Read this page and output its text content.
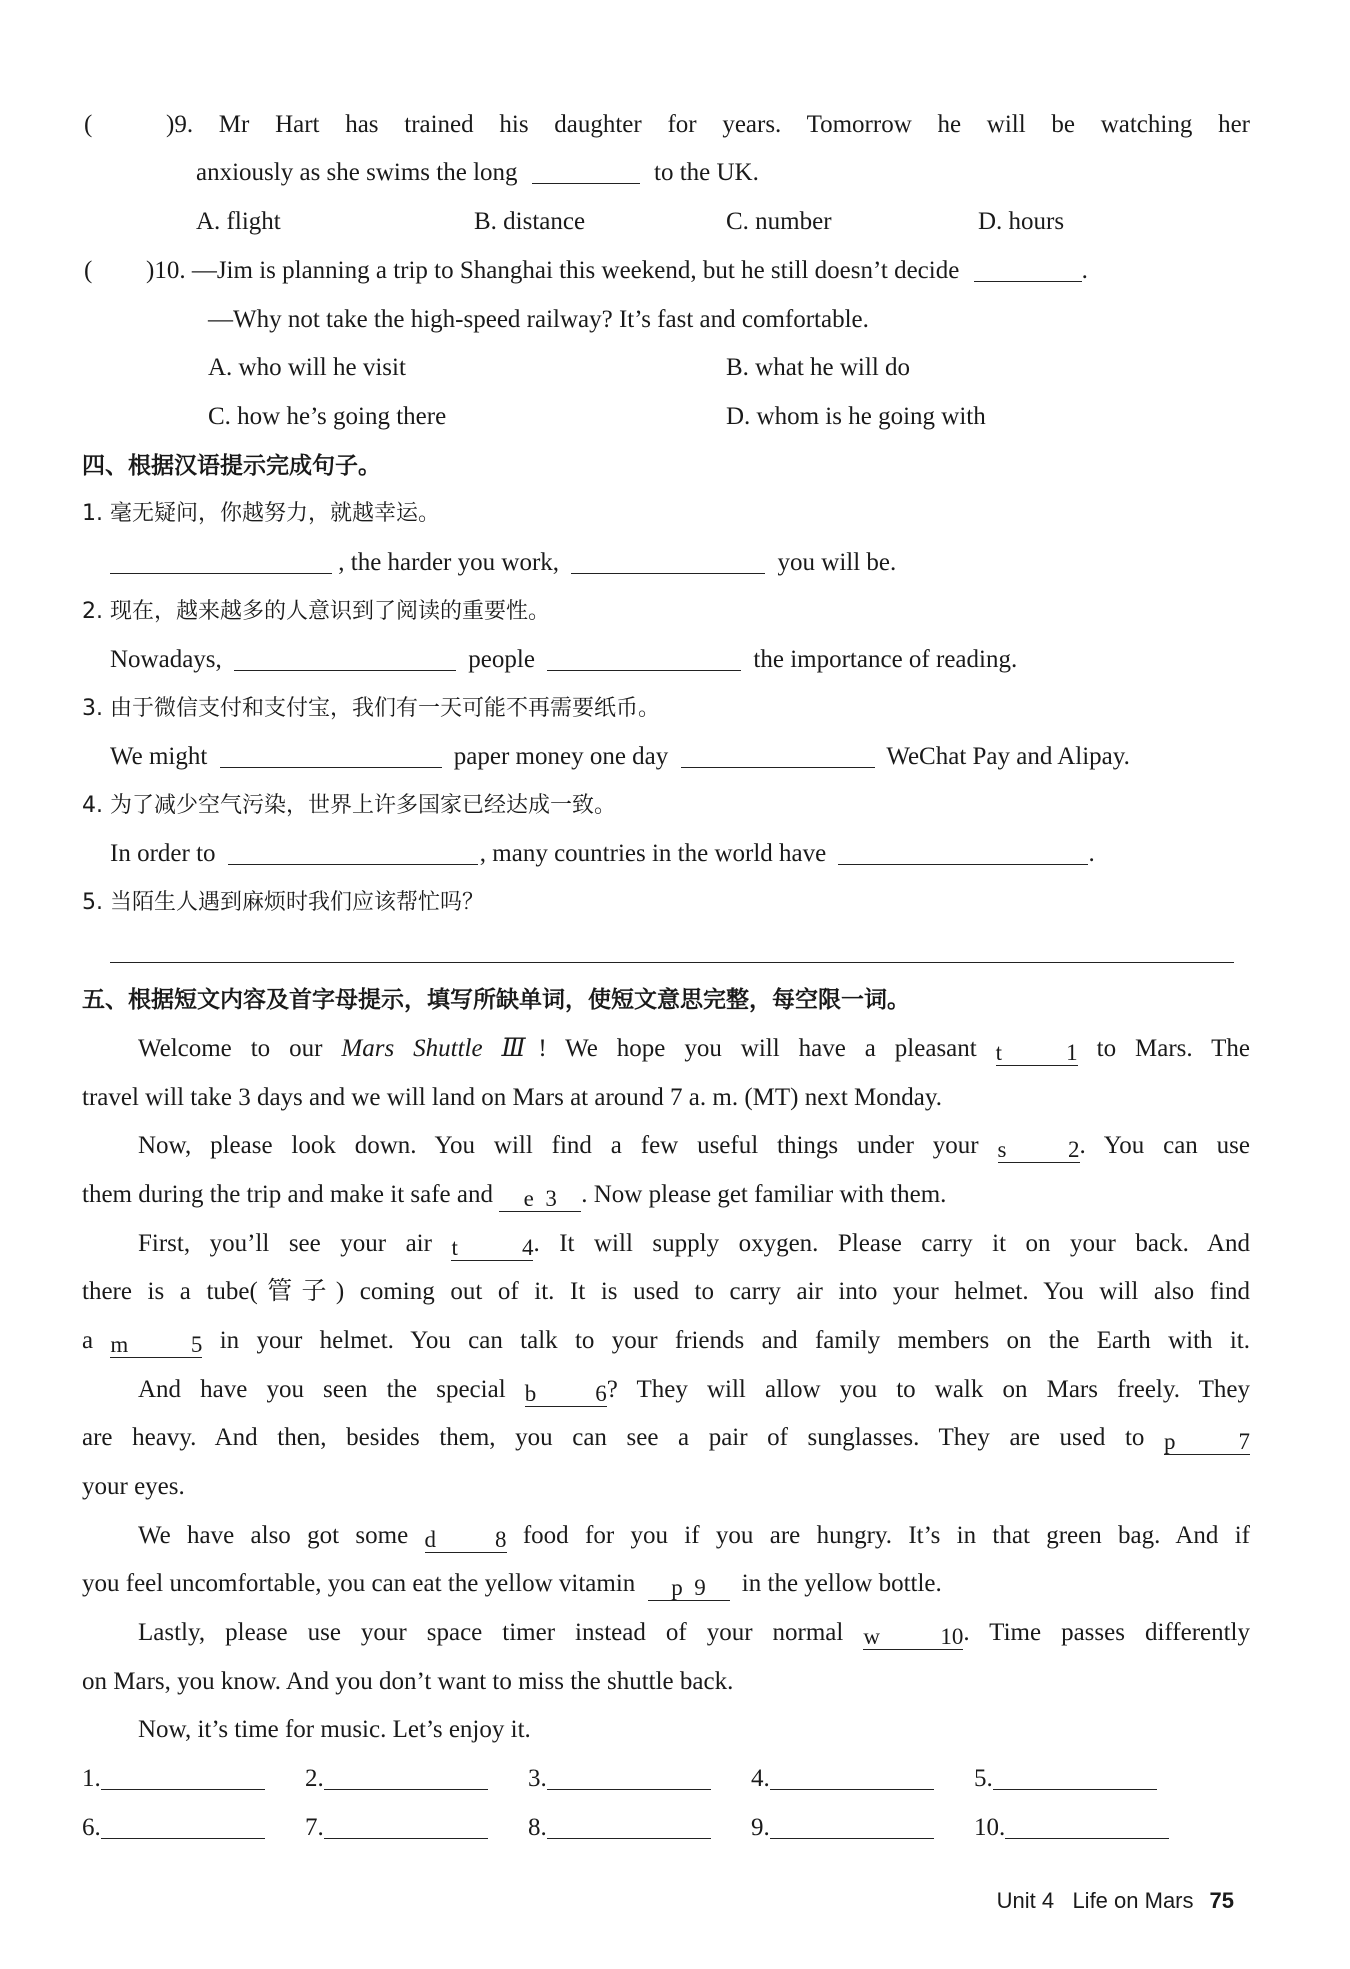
(	)9. Mr Hart has trained his daughter for years. Tomorrow he will be watching her
anxiously as she swims the long	to the UK.
A. flight	B. distance	C. number	D. hours
( )10. —Jim is planning a trip to Shanghai this weekend, but he still doesn’t decide	.
—Why not take the high-speed railway? It’s fast and comfortable.
A. who will he visit	B. what he will do
C. how he’s going there	D. whom is he going with
四、根据汉语提示完成句子。
1. 毫无疑问，你越努力，就越幸运。
, the harder you work,	you will be.
2. 现在，越来越多的人意识到了阅读的重要性。
Nowadays,	people	the importance of reading.
3. 由于微信支付和支付宝，我们有一天可能不再需要纸币。
We might	paper money one day	WeChat Pay and Alipay.
4. 为了减少空气污染，世界上许多国家已经达成一致。
In order to	, many countries in the world have	.
5. 当陌生人遇到麻烦时我们应该帮忙吗？
五、根据短文内容及首字母提示，填写所缺单词，使短文意思完整，每空限一词。
Welcome to our Mars Shuttle Ⅲ! We hope you will have a pleasant t	1 to Mars. The
travel will take 3 days and we will land on Mars at around 7 a. m. (MT) next Monday.
Now, please look down. You will find a few useful things under your s	2. You can use
them during the trip and make it safe and e 3 . Now please get familiar with them.
First, you’ll see your air t	4. It will supply oxygen. Please carry it on your back. And
there is a tube(管子) coming out of it. It is used to carry air into your helmet. You will also find
a m	5 in your helmet. You can talk to your friends and family members on the Earth with it.
And have you seen the special b	6? They will allow you to walk on Mars freely. They
are heavy. And then, besides them, you can see a pair of sunglasses. They are used to p	7
your eyes.
We have also got some d	8 food for you if you are hungry. It’s in that green bag. And if
you feel uncomfortable, you can eat the yellow vitamin p 9 in the yellow bottle.
Lastly, please use your space timer instead of your normal w	10. Time passes differently
on Mars, you know. And you don’t want to miss the shuttle back.
Now, it’s time for music. Let’s enjoy it.
1.	2.	3.	4.	5.
6.	7.	8.	9.	10.
Unit 4   Life on Mars 75
